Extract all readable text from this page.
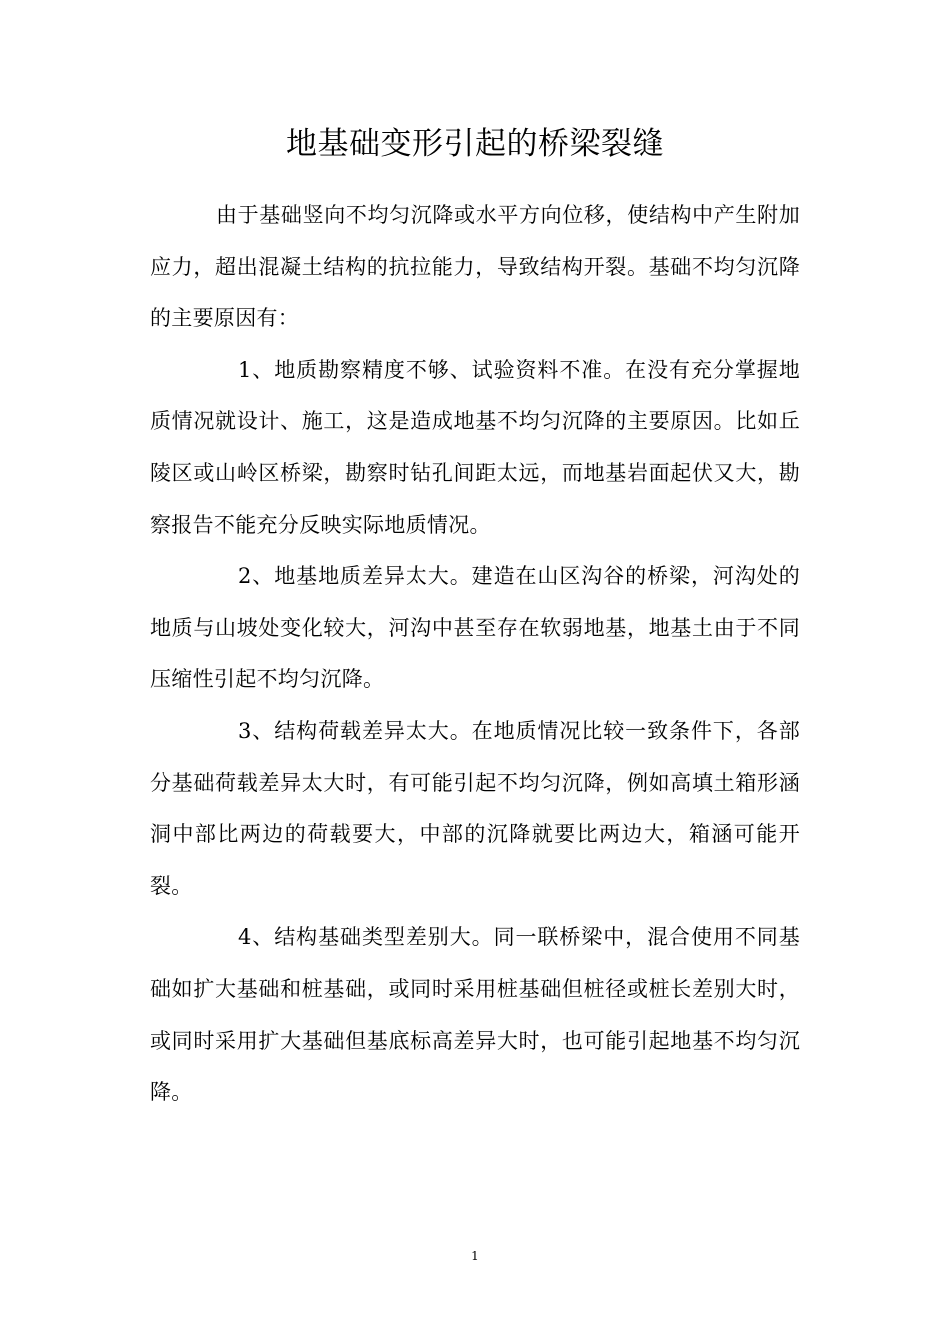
地基础变形引起的桥梁裂缝

由于基础竖向不均匀沉降或水平方向位移，使结构中产生附加应力，超出混凝土结构的抗拉能力，导致结构开裂。基础不均匀沉降的主要原因有：

1、地质勘察精度不够、试验资料不准。在没有充分掌握地质情况就设计、施工，这是造成地基不均匀沉降的主要原因。比如丘陵区或山岭区桥梁，勘察时钻孔间距太远，而地基岩面起伏又大，勘察报告不能充分反映实际地质情况。

2、地基地质差异太大。建造在山区沟谷的桥梁，河沟处的地质与山坡处变化较大，河沟中甚至存在软弱地基，地基土由于不同压缩性引起不均匀沉降。

3、结构荷载差异太大。在地质情况比较一致条件下，各部分基础荷载差异太大时，有可能引起不均匀沉降，例如高填土箱形涵洞中部比两边的荷载要大，中部的沉降就要比两边大，箱涵可能开裂。

4、结构基础类型差别大。同一联桥梁中，混合使用不同基础如扩大基础和桩基础，或同时采用桩基础但桩径或桩长差别大时，或同时采用扩大基础但基底标高差异大时，也可能引起地基不均匀沉降。

1
